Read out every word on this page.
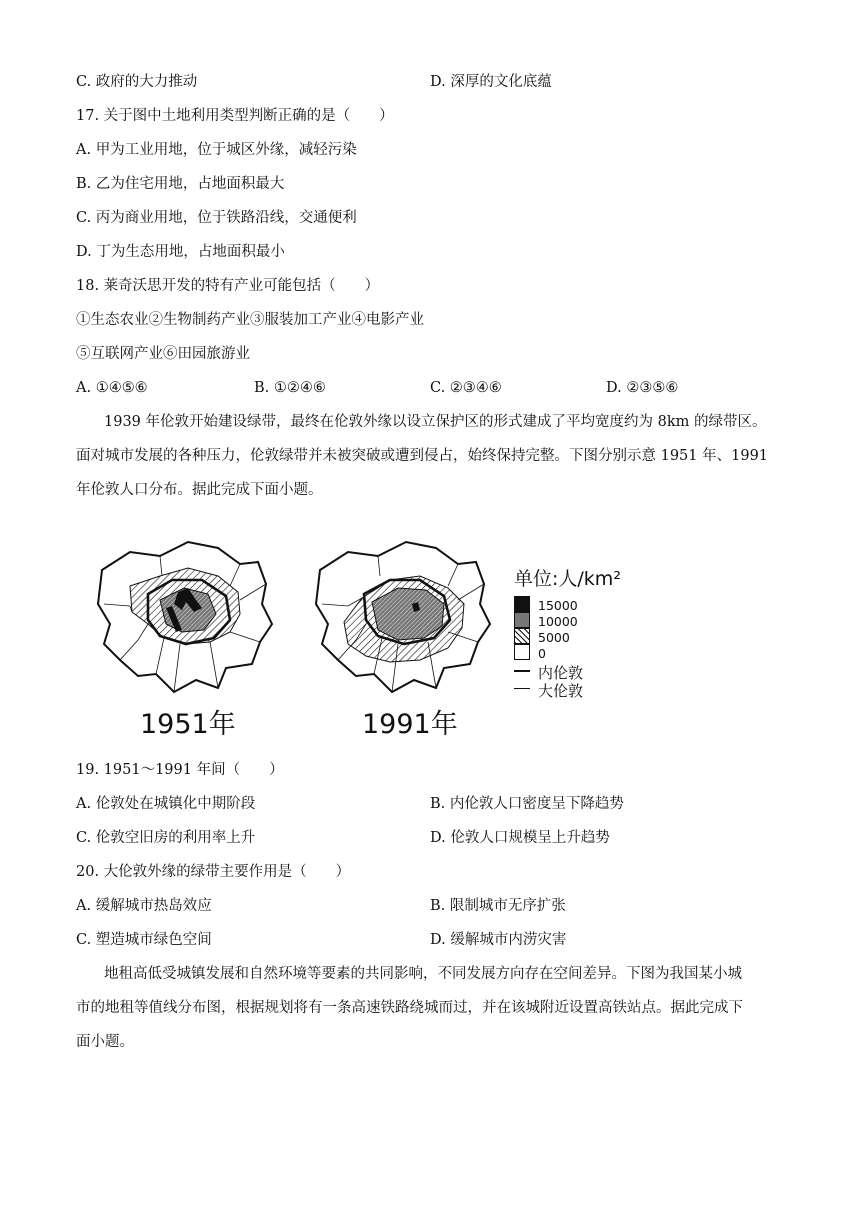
C. 政府的大力推动	D. 深厚的文化底蕴
17. 关于图中土地利用类型判断正确的是（　　）
A. 甲为工业用地，位于城区外缘，减轻污染
B. 乙为住宅用地，占地面积最大
C. 丙为商业用地，位于铁路沿线，交通便利
D. 丁为生态用地，占地面积最小
18. 莱奇沃思开发的特有产业可能包括（　　）
①生态农业②生物制药产业③服装加工产业④电影产业
⑤互联网产业⑥田园旅游业
A. ①④⑤⑥	B. ①②④⑥	C. ②③④⑥	D. ②③⑤⑥
1939 年伦敦开始建设绿带，最终在伦敦外缘以设立保护区的形式建成了平均宽度约为 8km 的绿带区。
面对城市发展的各种压力，伦敦绿带并未被突破或遭到侵占，始终保持完整。下图分别示意 1951 年、1991
年伦敦人口分布。据此完成下面小题。
1951年	1991年
单位:人/km²
15000
10000
5000
0
内伦敦
大伦敦
19. 1951～1991 年间（　　）
A. 伦敦处在城镇化中期阶段	B. 内伦敦人口密度呈下降趋势
C. 伦敦空旧房的利用率上升	D. 伦敦人口规模呈上升趋势
20. 大伦敦外缘的绿带主要作用是（　　）
A. 缓解城市热岛效应	B. 限制城市无序扩张
C. 塑造城市绿色空间	D. 缓解城市内涝灾害
地租高低受城镇发展和自然环境等要素的共同影响，不同发展方向存在空间差异。下图为我国某小城
市的地租等值线分布图，根据规划将有一条高速铁路绕城而过，并在该城附近设置高铁站点。据此完成下
面小题。
